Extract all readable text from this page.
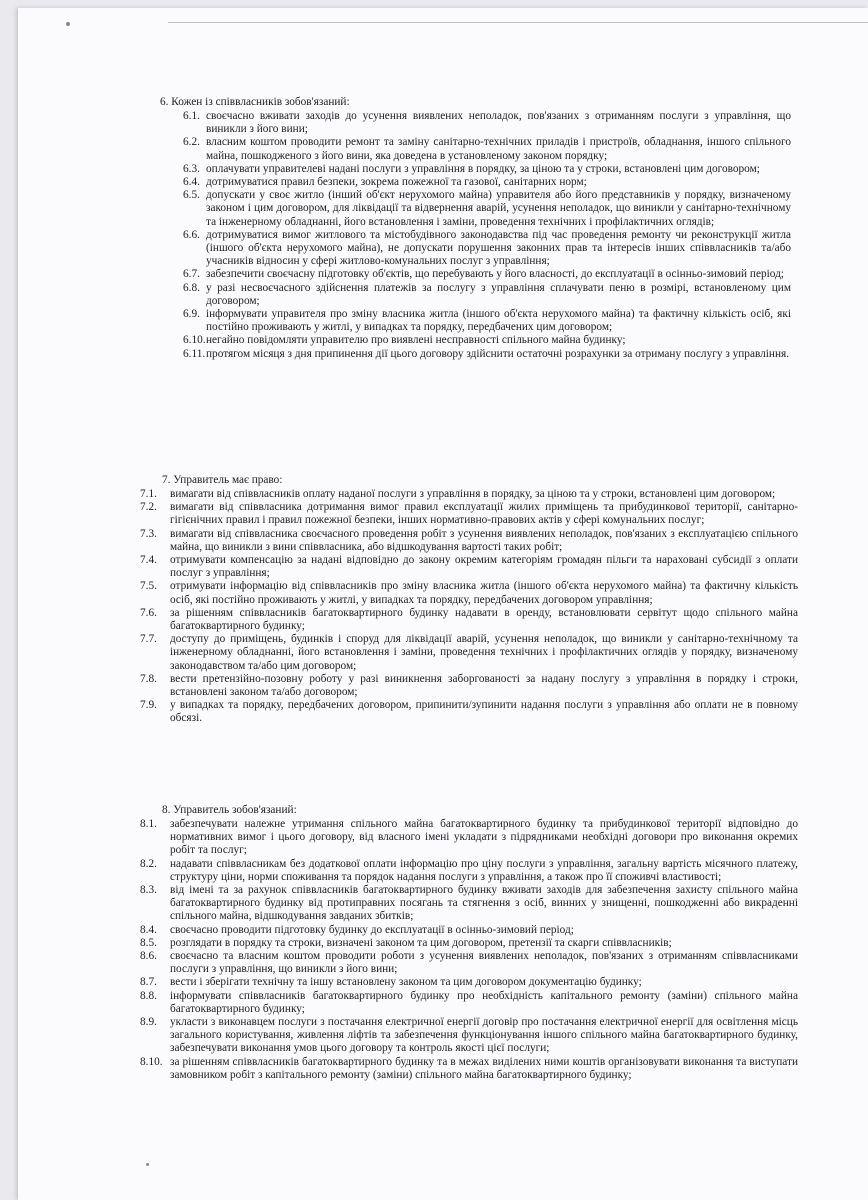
6. Кожен із співвласників зобов'язаний:
6.1. своєчасно вживати заходів до усунення виявлених неполадок, пов'язаних з отриманням послуги з управління, що виникли з його вини;
6.2. власним коштом проводити ремонт та заміну санітарно-технічних приладів і пристроїв, обладнання, іншого спільного майна, пошкодженого з його вини, яка доведена в установленому законом порядку;
6.3. оплачувати управителеві надані послуги з управління в порядку, за ціною та у строки, встановлені цим договором;
6.4. дотримуватися правил безпеки, зокрема пожежної та газової, санітарних норм;
6.5. допускати у своє житло (інший об'єкт нерухомого майна) управителя або його представників у порядку, визначеному законом і цим договором, для ліквідації та відвернення аварій, усунення неполадок, що виникли у санітарно-технічному та інженерному обладнанні, його встановлення і заміни, проведення технічних і профілактичних оглядів;
6.6. дотримуватися вимог житлового та містобудівного законодавства під час проведення ремонту чи реконструкції житла (іншого об'єкта нерухомого майна), не допускати порушення законних прав та інтересів інших співвласників та/або учасників відносин у сфері житлово-комунальних послуг з управління;
6.7. забезпечити своєчасну підготовку об'єктів, що перебувають у його власності, до експлуатації в осінньо-зимовий період;
6.8. у разі несвоєчасного здійснення платежів за послугу з управління сплачувати пеню в розмірі, встановленому цим договором;
6.9. інформувати управителя про зміну власника житла (іншого об'єкта нерухомого майна) та фактичну кількість осіб, які постійно проживають у житлі, у випадках та порядку, передбачених цим договором;
6.10. негайно повідомляти управителю про виявлені несправності спільного майна будинку;
6.11. протягом місяця з дня припинення дії цього договору здійснити остаточні розрахунки за отриману послугу з управління.
7. Управитель має право:
7.1. вимагати від співвласників оплату наданої послуги з управління в порядку, за ціною та у строки, встановлені цим договором;
7.2. вимагати від співвласника дотримання вимог правил експлуатації жилих приміщень та прибудинкової території, санітарно-гігієнічних правил і правил пожежної безпеки, інших нормативно-правових актів у сфері комунальних послуг;
7.3. вимагати від співвласника своєчасного проведення робіт з усунення виявлених неполадок, пов'язаних з експлуатацією спільного майна, що виникли з вини співвласника, або відшкодування вартості таких робіт;
7.4. отримувати компенсацію за надані відповідно до закону окремим категоріям громадян пільги та нараховані субсидії з оплати послуг з управління;
7.5. отримувати інформацію від співвласників про зміну власника житла (іншого об'єкта нерухомого майна) та фактичну кількість осіб, які постійно проживають у житлі, у випадках та порядку, передбачених договором управління;
7.6. за рішенням співвласників багатоквартирного будинку надавати в оренду, встановлювати сервітут щодо спільного майна багатоквартирного будинку;
7.7. доступу до приміщень, будинків і споруд для ліквідації аварій, усунення неполадок, що виникли у санітарно-технічному та інженерному обладнанні, його встановлення і заміни, проведення технічних і профілактичних оглядів у порядку, визначеному законодавством та/або цим договором;
7.8. вести претензійно-позовну роботу у разі виникнення заборгованості за надану послугу з управління в порядку і строки, встановлені законом та/або договором;
7.9. у випадках та порядку, передбачених договором, припинити/зупинити надання послуги з управління або оплати не в повному обсязі.
8. Управитель зобов'язаний:
8.1. забезпечувати належне утримання спільного майна багатоквартирного будинку та прибудинкової території відповідно до нормативних вимог і цього договору, від власного імені укладати з підрядниками необхідні договори про виконання окремих робіт та послуг;
8.2. надавати співвласникам без додаткової оплати інформацію про ціну послуги з управління, загальну вартість місячного платежу, структуру ціни, норми споживання та порядок надання послуги з управління, а також про її споживчі властивості;
8.3. від імені та за рахунок співвласників багатоквартирного будинку вживати заходів для забезпечення захисту спільного майна багатоквартирного будинку від протиправних посягань та стягнення з осіб, винних у знищенні, пошкодженні або викраденні спільного майна, відшкодування завданих збитків;
8.4. своєчасно проводити підготовку будинку до експлуатації в осінньо-зимовий період;
8.5. розглядати в порядку та строки, визначені законом та цим договором, претензії та скарги співвласників;
8.6. своєчасно та власним коштом проводити роботи з усунення виявлених неполадок, пов'язаних з отриманням співвласниками послуги з управління, що виникли з його вини;
8.7. вести і зберігати технічну та іншу встановлену законом та цим договором документацію будинку;
8.8. інформувати співвласників багатоквартирного будинку про необхідність капітального ремонту (заміни) спільного майна багатоквартирного будинку;
8.9. укласти з виконавцем послуги з постачання електричної енергії договір про постачання електричної енергії для освітлення місць загального користування, живлення ліфтів та забезпечення функціонування іншого спільного майна багатоквартирного будинку, забезпечувати виконання умов цього договору та контроль якості цієї послуги;
8.10. за рішенням співвласників багатоквартирного будинку та в межах виділених ними коштів організовувати виконання та виступати замовником робіт з капітального ремонту (заміни) спільного майна багатоквартирного будинку;
